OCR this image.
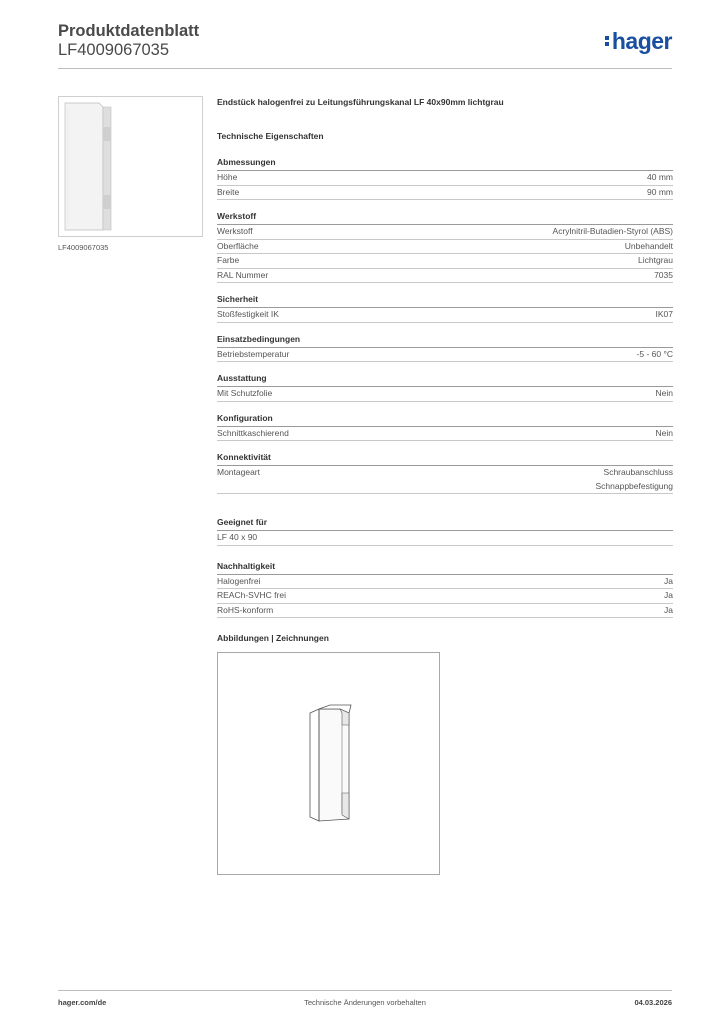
Produktdatenblatt
LF4009067035	hager
LF4009067035
Endstück halogenfrei zu Leitungsführungskanal LF 40x90mm lichtgrau
Technische Eigenschaften
Abmessungen
Höhe	40 mm
Breite	90 mm
Werkstoff
Werkstoff	Acrylnitril-Butadien-Styrol (ABS)
Oberfläche	Unbehandelt
Farbe	Lichtgrau
RAL Nummer	7035
Sicherheit
Stoßfestigkeit IK	IK07
Einsatzbedingungen
Betriebstemperatur	-5 - 60 °C
Ausstattung
Mit Schutzfolie	Nein
Konfiguration
Schnittkaschierend	Nein
Konnektivität
Montageart	Schraubanschluss
Schnappbefestigung
Geeignet für
LF 40 x 90
Nachhaltigkeit
Halogenfrei	Ja
REACh-SVHC frei	Ja
RoHS-konform	Ja
Abbildungen | Zeichnungen
hager.com/de	Technische Änderungen vorbehalten	04.03.2026
